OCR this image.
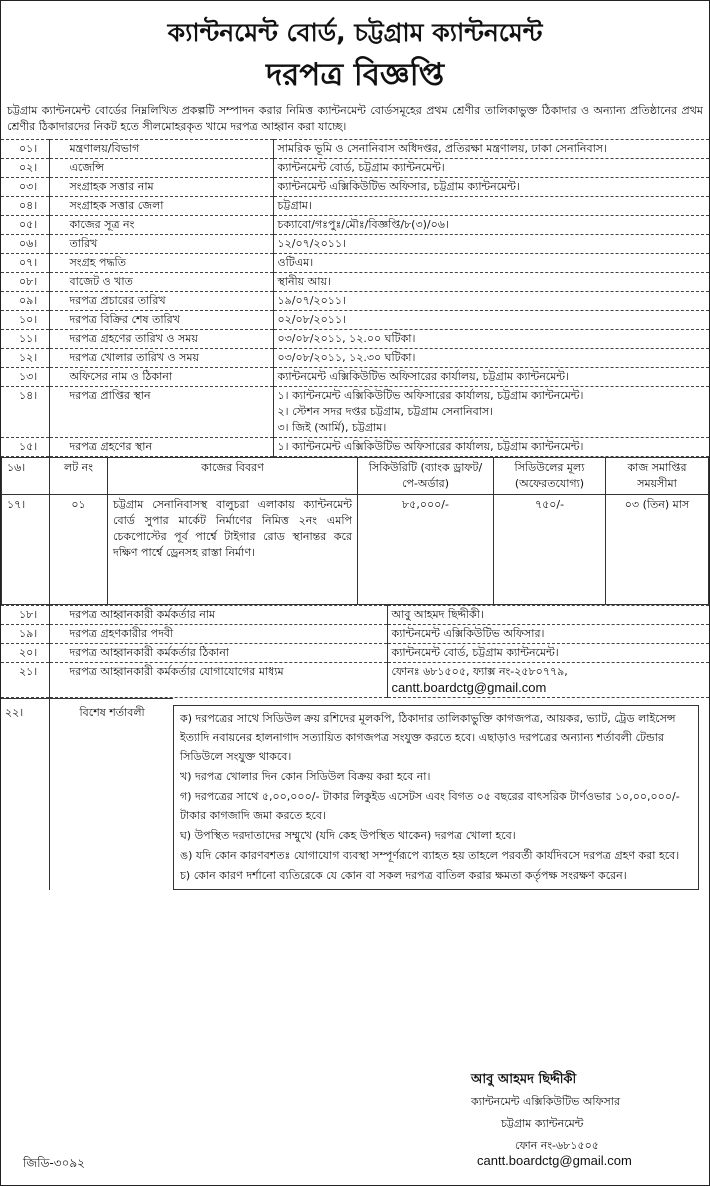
ক্যান্টনমেন্ট বোর্ড, চট্টগ্রাম ক্যান্টনমেন্ট
দরপত্র বিজ্ঞপ্তি
চট্টগ্রাম ক্যান্টনমেন্ট বোর্ডের নিম্নলিখিত প্রকল্পটি সম্পাদন করার নিমিত্ত ক্যান্টনমেন্ট বোর্ডসমূহের প্রথম শ্রেণীর তালিকাভুক্ত ঠিকাদার ও অন্যান্য প্রতিষ্ঠানের প্রথম শ্রেণীর ঠিকাদারদের নিকট হতে সীলমোহরকৃত খামে দরপত্র আহ্বান করা যাচ্ছে।
০১।	মন্ত্রণালয়/বিভাগ	সামরিক ভূমি ও সেনানিবাস অধিদপ্তর, প্রতিরক্ষা মন্ত্রণালয়, ঢাকা সেনানিবাস।
০২।	এজেন্সি	ক্যান্টনমেন্ট বোর্ড, চট্টগ্রাম ক্যান্টনমেন্ট।
০৩।	সংগ্রাহক সত্তার নাম	ক্যান্টনমেন্ট এক্সিকিউটিভ অফিসার, চট্টগ্রাম ক্যান্টনমেন্ট।
০৪।	সংগ্রাহক সত্তার জেলা	চট্টগ্রাম।
০৫।	কাজের সূত্র নং	চক্যাবো/গঃপুঃ/মৌঃ/বিজ্ঞপ্তি/৮(৩)/০৬।
০৬।	তারিখ	১২/০৭/২০১১।
০৭।	সংগ্রহ পদ্ধতি	ওটিএম।
০৮।	বাজেট ও খাত	স্থানীয় আয়।
০৯।	দরপত্র প্রচারের তারিখ	১৯/০৭/২০১১।
১০।	দরপত্র বিক্রির শেষ তারিখ	০২/০৮/২০১১।
১১।	দরপত্র গ্রহণের তারিখ ও সময়	০৩/০৮/২০১১, ১২.০০ ঘটিকা।
১২।	দরপত্র খোলার তারিখ ও সময়	০৩/০৮/২০১১, ১২.৩০ ঘটিকা।
১৩।	অফিসের নাম ও ঠিকানা	ক্যান্টনমেন্ট এক্সিকিউটিভ অফিসারের কার্যালয়, চট্টগ্রাম ক্যান্টনমেন্ট।
১৪।	দরপত্র প্রাপ্তির স্থান	১। ক্যান্টনমেন্ট এক্সিকিউটিভ অফিসারের কার্যালয়, চট্টগ্রাম ক্যান্টনমেন্ট।
২। স্টেশন সদর দপ্তর চট্টগ্রাম, চট্টগ্রাম সেনানিবাস।
৩। জিই (আর্মি), চট্টগ্রাম।

১৫।	দরপত্র গ্রহণের স্থান	১। ক্যান্টনমেন্ট এক্সিকিউটিভ অফিসারের কার্যালয়, চট্টগ্রাম ক্যান্টনমেন্ট।
১৬।	লট নং	কাজের বিবরণ	সিকিউরিটি (ব্যাংক ড্রাফট/পে-অর্ডার)	সিডিউলের মূল্য (অফেরতযোগ্য)	কাজ সমাপ্তির সময়সীমা
১৭।	০১	চট্টগ্রাম সেনানিবাসস্থ বালুচরা এলাকায় ক্যান্টনমেন্ট বোর্ড সুপার মার্কেট নির্মাণের নিমিত্ত ২নং এমপি চেকপোস্টের পূর্ব পার্শ্বে টাইগার রোড স্থানান্তর করে দক্ষিণ পার্শ্বে ড্রেনসহ রাস্তা নির্মাণ।	৮৫,০০০/-	৭৫০/-	০৩ (তিন) মাস
১৮।	দরপত্র আহ্বানকারী কর্মকর্তার নাম	আবু আহমদ ছিদ্দীকী।
১৯।	দরপত্র গ্রহণকারীর পদবী	ক্যান্টনমেন্ট এক্সিকিউটিভ অফিসার।
২০।	দরপত্র আহ্বানকারী কর্মকর্তার ঠিকানা	ক্যান্টনমেন্ট বোর্ড, চট্টগ্রাম ক্যান্টনমেন্ট।
২১।	দরপত্র আহ্বানকারী কর্মকর্তার যোগাযোগের মাধ্যম	ফোনঃ ৬৮১৫০৫, ফ্যাক্স নং-২৫৮০৭৭৯,
cantt.boardctg@gmail.com
২২।	বিশেষ শর্তাবলী	ক) দরপত্রের সাথে সিডিউল ক্রয় রশিদের মূলকপি, ঠিকাদার তালিকাভুক্তি কাগজপত্র, আয়কর, ভ্যাট, ট্রেড লাইসেন্স ইত্যাদি নবায়নের হালনাগাদ সত্যায়িত কাগজপত্র সংযুক্ত করতে হবে। এছাড়াও দরপত্রের অন্যান্য শর্তাবলী টেন্ডার সিডিউলে সংযুক্ত থাকবে।
খ) দরপত্র খোলার দিন কোন সিডিউল বিক্রয় করা হবে না।
গ) দরপত্রের সাথে ৫,০০,০০০/- টাকার লিকুইড এসেটস এবং বিগত ০৫ বছরের বাৎসরিক টার্ণওভার ১০,০০,০০০/- টাকার কাগজাদি জমা করতে হবে।
ঘ) উপস্থিত দরদাতাদের সম্মুখে (যদি কেহ উপস্থিত থাকেন) দরপত্র খোলা হবে।
ঙ) যদি কোন কারণবশতঃ যোগাযোগ ব্যবস্থা সম্পূর্ণরূপে ব্যাহত হয় তাহলে পরবর্তী কার্যদিবসে দরপত্র গ্রহণ করা হবে।
চ) কোন কারণ দর্শানো ব্যতিরেকে যে কোন বা সকল দরপত্র বাতিল করার ক্ষমতা কর্তৃপক্ষ সংরক্ষণ করেন।
আবু আহমদ ছিদ্দীকী
ক্যান্টনমেন্ট এক্সিকিউটিভ অফিসার
চট্টগ্রাম ক্যান্টনমেন্ট
ফোন নং-৬৮১৫০৫
cantt.boardctg@gmail.com
জিডি-৩০৯২
